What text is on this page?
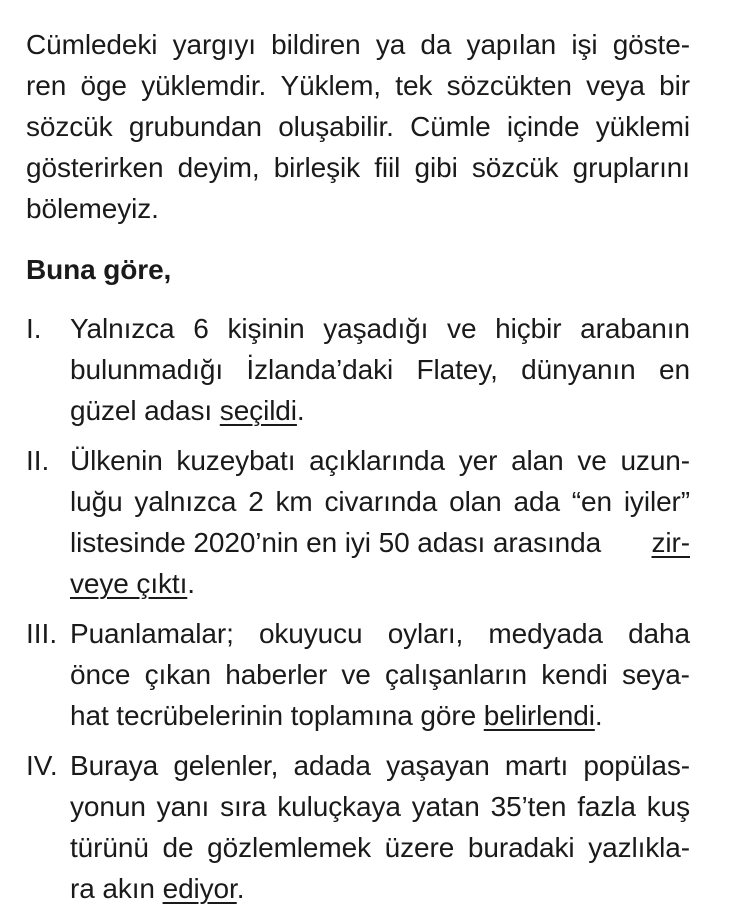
Cümledeki yargıyı bildiren ya da yapılan işi göste-
ren öge yüklemdir. Yüklem, tek sözcükten veya bir
sözcük grubundan oluşabilir. Cümle içinde yüklemi
gösterirken deyim, birleşik fiil gibi sözcük gruplarını
bölemeyiz.
Buna göre,
I. Yalnızca 6 kişinin yaşadığı ve hiçbir arabanın
bulunmadığı İzlanda’daki Flatey, dünyanın en
güzel adası seçildi.
II. Ülkenin kuzeybatı açıklarında yer alan ve uzun-
luğu yalnızca 2 km civarında olan ada “en iyiler”
listesinde 2020’nin en iyi 50 adası arasında zir-
veye çıktı.
III. Puanlamalar; okuyucu oyları, medyada daha
önce çıkan haberler ve çalışanların kendi seya-
hat tecrübelerinin toplamına göre belirlendi.
IV. Buraya gelenler, adada yaşayan martı popülas-
yonun yanı sıra kuluçkaya yatan 35’ten fazla kuş
türünü de gözlemlemek üzere buradaki yazlıkla-
ra akın ediyor.
